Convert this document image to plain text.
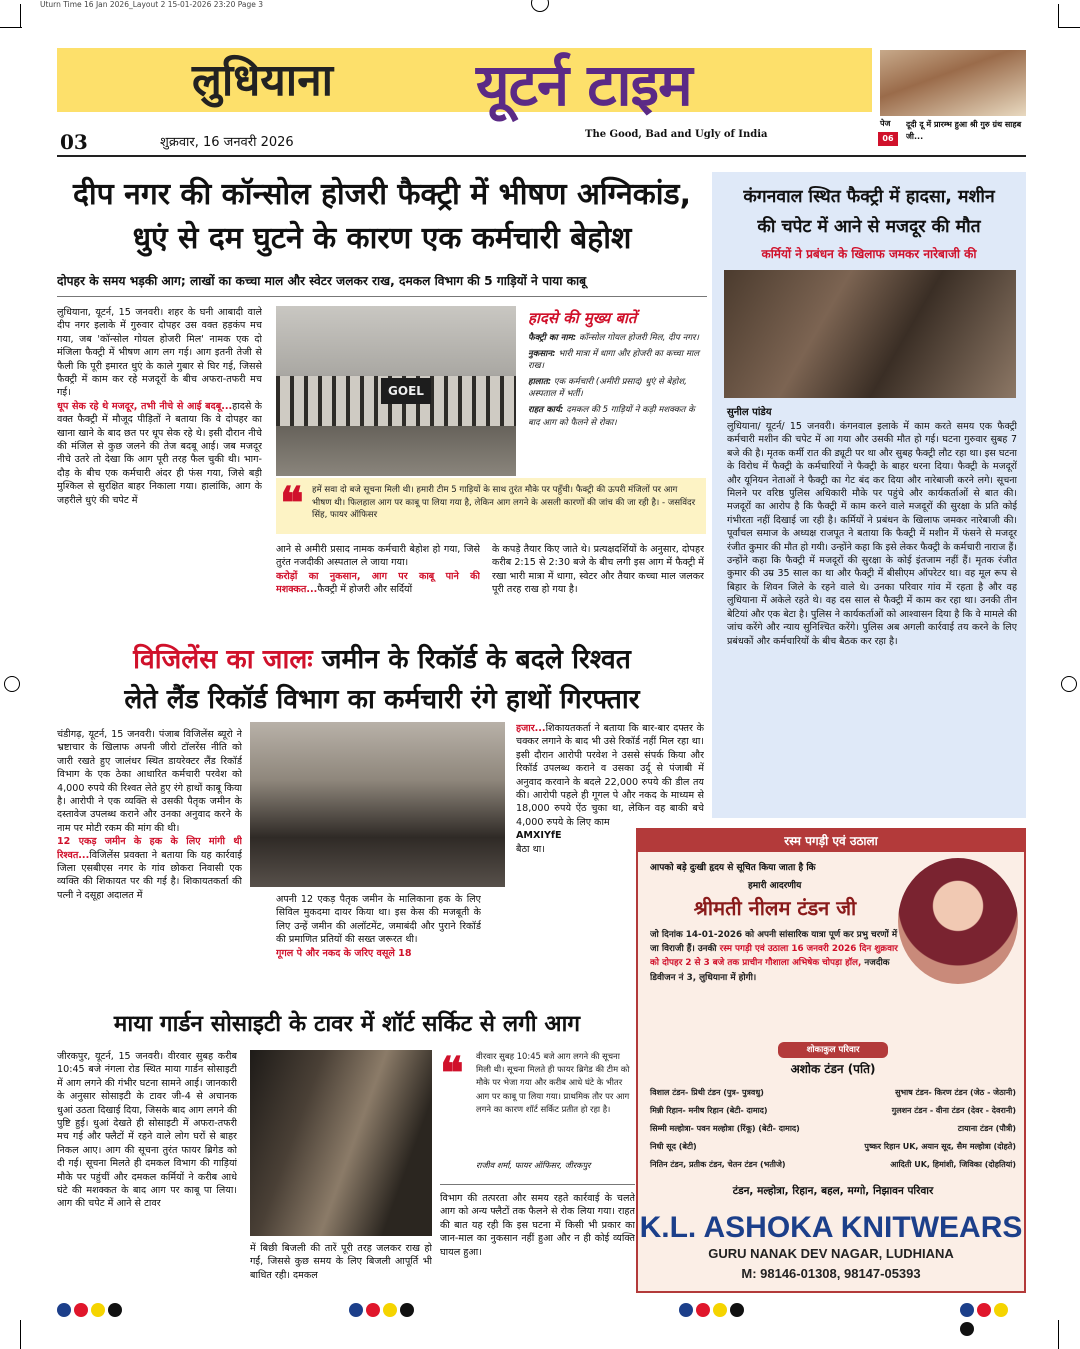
Uturn Time 16 Jan 2026_Layout 2 15-01-2026 23:20 Page 3
लुधियाना	यूटर्न टाइम
The Good, Bad and Ugly of India
03	शुक्रवार, 16 जनवरी 2026
पेज
06
दूदी दू में प्रारम्भ हुआ श्री गुरु ग्रंथ साहब जी...
दीप नगर की कॉन्सोल होजरी फैक्ट्री में भीषण अग्निकांड,
धुएं से दम घुटने के कारण एक कर्मचारी बेहोश
दोपहर के समय भड़की आग; लाखों का कच्चा माल और स्वेटर जलकर राख, दमकल विभाग की 5 गाड़ियों ने पाया काबू
लुधियाना, यूटर्न, 15 जनवरी। शहर के घनी आबादी वाले दीप नगर इलाके में गुरुवार दोपहर उस वक्त हड़कंप मच गया, जब 'कॉन्सोल गोयल होजरी मिल' नामक एक दो मंजिला फैक्ट्री में भीषण आग लग गई। आग इतनी तेजी से फैली कि पूरी इमारत धुएं के काले गुबार से घिर गई, जिससे फैक्ट्री में काम कर रहे मजदूरों के बीच अफरा-तफरी मच गई।
धूप सेक रहे थे मजदूर, तभी नीचे से आई बदबू...हादसे के वक्त फैक्ट्री में मौजूद पीड़ितों ने बताया कि वे दोपहर का खाना खाने के बाद छत पर धूप सेक रहे थे। इसी दौरान नीचे की मंजिल से कुछ जलने की तेज बदबू आई। जब मजदूर नीचे उतरे तो देखा कि आग पूरी तरह फैल चुकी थी। भाग-दौड़ के बीच एक कर्मचारी अंदर ही फंस गया, जिसे बड़ी मुश्किल से सुरक्षित बाहर निकाला गया। हालांकि, आग के जहरीले धुएं की चपेट में
GOEL
हादसे की मुख्य बातें
फैक्ट्री का नाम: कॉन्सोल गोयल होजरी मिल, दीप नगर।
नुकसान: भारी मात्रा में धागा और होजरी का कच्चा माल राख।
हालात: एक कर्मचारी (अमीरी प्रसाद) धुएं से बेहोश, अस्पताल में भर्ती।
राहत कार्य: दमकल की 5 गाड़ियों ने कड़ी मशक्कत के बाद आग को फैलने से रोका।
❝ हमें सवा दो बजे सूचना मिली थी। हमारी टीम 5 गाड़ियों के साथ तुरंत मौके पर पहुँची। फैक्ट्री की ऊपरी मंजिलों पर आग भीषण थी। फिलहाल आग पर काबू पा लिया गया है, लेकिन आग लगने के असली कारणों की जांच की जा रही है। - जसविंदर सिंह, फायर ऑफिसर
आने से अमीरी प्रसाद नामक कर्मचारी बेहोश हो गया, जिसे तुरंत नजदीकी अस्पताल ले जाया गया।
करोड़ों का नुकसान, आग पर काबू पाने की मशक्कत...फैक्ट्री में होजरी और सर्दियों
के कपड़े तैयार किए जाते थे। प्रत्यक्षदर्शियों के अनुसार, दोपहर करीब 2:15 से 2:30 बजे के बीच लगी इस आग में फैक्ट्री में रखा भारी मात्रा में धागा, स्वेटर और तैयार कच्चा माल जलकर पूरी तरह राख हो गया है।
कंगनवाल स्थित फैक्ट्री में हादसा, मशीन
की चपेट में आने से मजदूर की मौत
कर्मियों ने प्रबंधन के खिलाफ जमकर नारेबाजी की
सुनील पांडेय
लुधियाना/ यूटर्न/ 15 जनवरी। कंगनवाल इलाके में काम करते समय एक फैक्ट्री कर्मचारी मशीन की चपेट में आ गया और उसकी मौत हो गई। घटना गुरुवार सुबह 7 बजे की है। मृतक कर्मी रात की ड्यूटी पर था और सुबह फैक्ट्री लौट रहा था। इस घटना के विरोध में फैक्ट्री के कर्मचारियों ने फैक्ट्री के बाहर धरना दिया। फैक्ट्री के मजदूरों और यूनियन नेताओं ने फैक्ट्री का गेट बंद कर दिया और नारेबाजी करने लगे। सूचना मिलने पर वरिष्ठ पुलिस अधिकारी मौके पर पहुंचे और कार्यकर्ताओं से बात की। मजदूरों का आरोप है कि फैक्ट्री में काम करने वाले मजदूरों की सुरक्षा के प्रति कोई गंभीरता नहीं दिखाई जा रही है। कर्मियों ने प्रबंधन के खिलाफ जमकर नारेबाजी की। पूर्वांचल समाज के अध्यक्ष राजपूत ने बताया कि फैक्ट्री में मशीन में फंसने से मजदूर रंजीत कुमार की मौत हो गयी। उन्होंने कहा कि इसे लेकर फैक्ट्री के कर्मचारी नाराज हैं। उन्होंने कहा कि फैक्ट्री में मजदूरों की सुरक्षा के कोई इंतजाम नहीं हैं। मृतक रंजीत कुमार की उम्र 35 साल का था और फैक्ट्री में बीसीएम ऑपरेटर था। वह मूल रूप से बिहार के शिवन जिले के रहने वाले थे। उनका परिवार गांव में रहता है और वह लुधियाना में अकेले रहते थे। वह दस साल से फैक्ट्री में काम कर रहा था। उनकी तीन बेटियां और एक बेटा है। पुलिस ने कार्यकर्ताओं को आश्वासन दिया है कि वे मामले की जांच करेंगे और न्याय सुनिश्चित करेंगे। पुलिस अब अगली कार्रवाई तय करने के लिए प्रबंधकों और कर्मचारियों के बीच बैठक कर रहा है।
विजिलेंस का जालः जमीन के रिकॉर्ड के बदले रिश्वत
लेते लैंड रिकॉर्ड विभाग का कर्मचारी रंगे हाथों गिरफ्तार
चंडीगढ़, यूटर्न, 15 जनवरी। पंजाब विजिलेंस ब्यूरो ने भ्रष्टाचार के खिलाफ अपनी जीरो टॉलरेंस नीति को जारी रखते हुए जालंधर स्थित डायरेक्टर लैंड रिकॉर्ड विभाग के एक ठेका आधारित कर्मचारी परवेश को 4,000 रुपये की रिश्वत लेते हुए रंगे हाथों काबू किया है। आरोपी ने एक व्यक्ति से उसकी पैतृक जमीन के दस्तावेज उपलब्ध कराने और उनका अनुवाद करने के नाम पर मोटी रकम की मांग की थी।
12 एकड़ जमीन के हक के लिए मांगी थी रिश्वत...विजिलेंस प्रवक्ता ने बताया कि यह कार्रवाई जिला एसबीएस नगर के गांव छोकरा निवासी एक व्यक्ति की शिकायत पर की गई है। शिकायतकर्ता की पत्नी ने दसूहा अदालत में	अपनी 12 एकड़ पैतृक जमीन के मालिकाना हक के लिए सिविल मुकदमा दायर किया था। इस केस की मजबूती के लिए उन्हें जमीन की अलॉटमेंट, जमाबंदी और पुराने रिकॉर्ड की प्रमाणित प्रतियों की सख्त जरूरत थी।
गूगल पे और नकद के जरिए वसूले 18
हजार...शिकायतकर्ता ने बताया कि बार-बार दफ्तर के चक्कर लगाने के बाद भी उसे रिकॉर्ड नहीं मिल रहा था। इसी दौरान आरोपी परवेश ने उससे संपर्क किया और रिकॉर्ड उपलब्ध कराने व उसका उर्दू से पंजाबी में अनुवाद करवाने के बदले 22,000 रुपये की डील तय की। आरोपी पहले ही गूगल पे और नकद के माध्यम से 18,000 रुपये ऐंठ चुका था, लेकिन वह बाकी बचे 4,000 रुपये के लिए काम
AMXIYfE
बैठा था।
माया गार्डन सोसाइटी के टावर में शॉर्ट सर्किट से लगी आग
जीरकपुर, यूटर्न, 15 जनवरी। वीरवार सुबह करीब 10:45 बजे नंगला रोड स्थित माया गार्डन सोसाइटी में आग लगने की गंभीर घटना सामने आई। जानकारी के अनुसार सोसाइटी के टावर जी-4 से अचानक धुआं उठता दिखाई दिया, जिसके बाद आग लगने की पुष्टि हुई। धुआं देखते ही सोसाइटी में अफरा-तफरी मच गई और फ्लैटों में रहने वाले लोग घरों से बाहर निकल आए। आग की सूचना तुरंत फायर ब्रिगेड को दी गई। सूचना मिलते ही दमकल विभाग की गाड़ियां मौके पर पहुंचीं और दमकल कर्मियों ने करीब आधे घंटे की मशक्कत के बाद आग पर काबू पा लिया। आग की चपेट में आने से टावर
में बिछी बिजली की तारें पूरी तरह जलकर राख हो गईं, जिससे कुछ समय के लिए बिजली आपूर्ति भी बाधित रही। दमकल
❝ वीरवार सुबह 10:45 बजे आग लगने की सूचना मिली थी। सूचना मिलते ही फायर ब्रिगेड की टीम को मौके पर भेजा गया और करीब आधे घंटे के भीतर आग पर काबू पा लिया गया। प्राथमिक तौर पर आग लगने का कारण शॉर्ट सर्किट प्रतीत हो रहा है।
राजीव शर्मा, फायर ऑफिसर, जीरकपुर
विभाग की तत्परता और समय रहते कार्रवाई के चलते आग को अन्य फ्लैटों तक फैलने से रोक लिया गया। राहत की बात यह रही कि इस घटना में किसी भी प्रकार का जान-माल का नुकसान नहीं हुआ और न ही कोई व्यक्ति घायल हुआ।
रस्म पगड़ी एवं उठाला
आपको बड़े दुःखी हृदय से सूचित किया जाता है कि
हमारी आदरणीय
श्रीमती नीलम टंडन जी
जो दिनांक 14-01-2026 को अपनी सांसारिक यात्रा पूर्ण कर प्रभु चरणों में जा विराजी हैं। उनकी रस्म पगड़ी एवं उठाला 16 जनवरी 2026 दिन शुक्रवार को दोपहर 2 से 3 बजे तक प्राचीन गौशाला अभिषेक चोपड़ा हॉल, नजदीक डिवीजन नं 3, लुधियाना में होगी।
शोकाकुल परिवार
अशोक टंडन (पति)
विशाल टंडन- प्रिथी टंडन (पुत्र- पुत्रवधु)	सुभाष टंडन- किरण टंडन (जेठ - जेठानी)
मिन्नी रिहान- मनीष रिहान (बेटी- दामाद)	गुलशन टंडन - वीना टंडन (देवर - देवरानी)
सिम्मी मल्होत्रा- पवन मल्होत्रा (रिंकू) (बेटी- दामाद)	टायाना टंडन (पौत्री)
निधी सूद (बेटी)	पुष्कर रिहान UK, अयान सूद, सैम मल्होत्रा (दोहते)
नितिन टंडन, प्रतीक टंडन, चेतन टंडन (भतीजे)	आदिती UK, हिमांशी, जिविका (दोहतियां)
टंडन, मल्होत्रा, रिहान, बहल, मग्गो, निझावन परिवार
K.L. ASHOKA KNITWEARS
GURU NANAK DEV NAGAR, LUDHIANA
M: 98146-01308, 98147-05393
